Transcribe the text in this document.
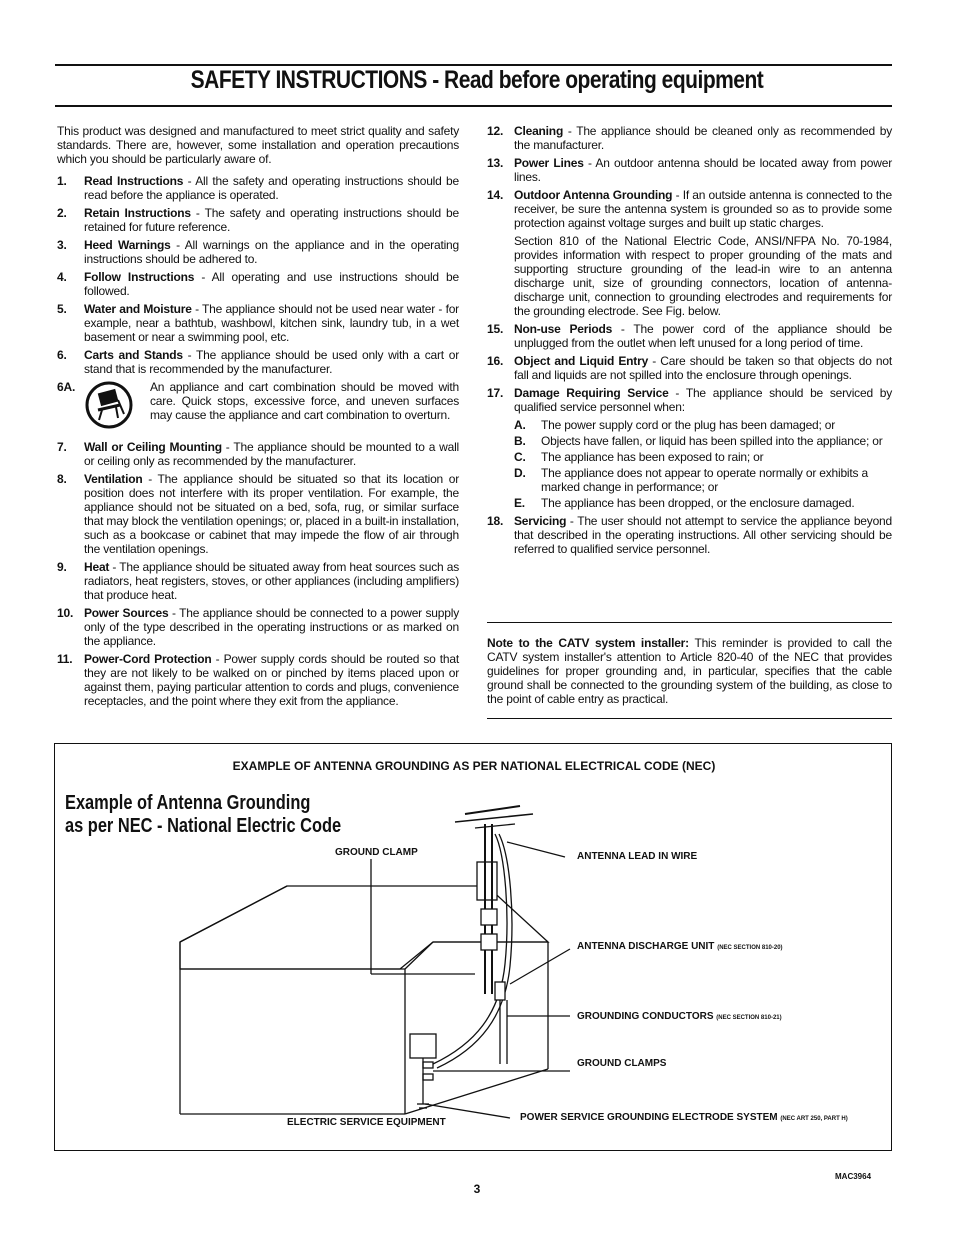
SAFETY INSTRUCTIONS - Read before operating equipment

This product was designed and manufactured to meet strict quality and safety standards. There are, however, some installation and operation precautions which you should be particularly aware of.

1. Read Instructions - All the safety and operating instructions should be read before the appliance is operated.
2. Retain Instructions - The safety and operating instructions should be retained for future reference.
3. Heed Warnings - All warnings on the appliance and in the operating instructions should be adhered to.
4. Follow Instructions - All operating and use instructions should be followed.
5. Water and Moisture - The appliance should not be used near water - for example, near a bathtub, washbowl, kitchen sink, laundry tub, in a wet basement or near a swimming pool, etc.
6. Carts and Stands - The appliance should be used only with a cart or stand that is recommended by the manufacturer.
6A.	An appliance and cart combination should be moved with care. Quick stops, excessive force, and uneven surfaces may cause the appliance and cart combination to overturn.
7. Wall or Ceiling Mounting - The appliance should be mounted to a wall or ceiling only as recommended by the manufacturer.
8. Ventilation - The appliance should be situated so that its location or position does not interfere with its proper ventilation. For example, the appliance should not be situated on a bed, sofa, rug, or similar surface that may block the ventilation openings; or, placed in a built-in installation, such as a bookcase or cabinet that may impede the flow of air through the ventilation openings.
9. Heat - The appliance should be situated away from heat sources such as radiators, heat registers, stoves, or other appliances (including amplifiers) that produce heat.
10. Power Sources - The appliance should be connected to a power supply only of the type described in the operating instructions or as marked on the appliance.
11. Power-Cord Protection - Power supply cords should be routed so that they are not likely to be walked on or pinched by items placed upon or against them, paying particular attention to cords and plugs, convenience receptacles, and the point where they exit from the appliance.
12. Cleaning - The appliance should be cleaned only as recommended by the manufacturer.
13. Power Lines - An outdoor antenna should be located away from power lines.
14. Outdoor Antenna Grounding - If an outside antenna is connected to the receiver, be sure the antenna system is grounded so as to provide some protection against voltage surges and built up static charges.

Section 810 of the National Electric Code, ANSI/NFPA No. 70-1984, provides information with respect to proper grounding of the mats and supporting structure grounding of the lead-in wire to an antenna discharge unit, size of grounding connectors, location of antenna-discharge unit, connection to grounding electrodes and requirements for the grounding electrode. See Fig. below.

15. Non-use Periods - The power cord of the appliance should be unplugged from the outlet when left unused for a long period of time.
16. Object and Liquid Entry - Care should be taken so that objects do not fall and liquids are not spilled into the enclosure through openings.
17. Damage Requiring Service - The appliance should be serviced by qualified service personnel when:
A. The power supply cord or the plug has been damaged; or
B. Objects have fallen, or liquid has been spilled into the appliance; or
C. The appliance has been exposed to rain; or
D. The appliance does not appear to operate normally or exhibits a marked change in performance; or
E. The appliance has been dropped, or the enclosure damaged.
18. Servicing - The user should not attempt to service the appliance beyond that described in the operating instructions. All other servicing should be referred to qualified service personnel.

Note to the CATV system installer: This reminder is provided to call the CATV system installer's attention to Article 820-40 of the NEC that provides guidelines for proper grounding and, in particular, specifies that the cable ground shall be connected to the grounding system of the building, as close to the point of cable entry as practical.

EXAMPLE OF ANTENNA GROUNDING AS PER NATIONAL ELECTRICAL CODE (NEC)
Example of Antenna Grounding
as per NEC - National Electric Code
GROUND CLAMP	ANTENNA LEAD IN WIRE
ANTENNA DISCHARGE UNIT (NEC SECTION 810-20)
GROUNDING CONDUCTORS (NEC SECTION 810-21)
GROUND CLAMPS
ELECTRIC SERVICE EQUIPMENT	POWER SERVICE GROUNDING ELECTRODE SYSTEM (NEC ART 250, PART H)
MAC3964
3
